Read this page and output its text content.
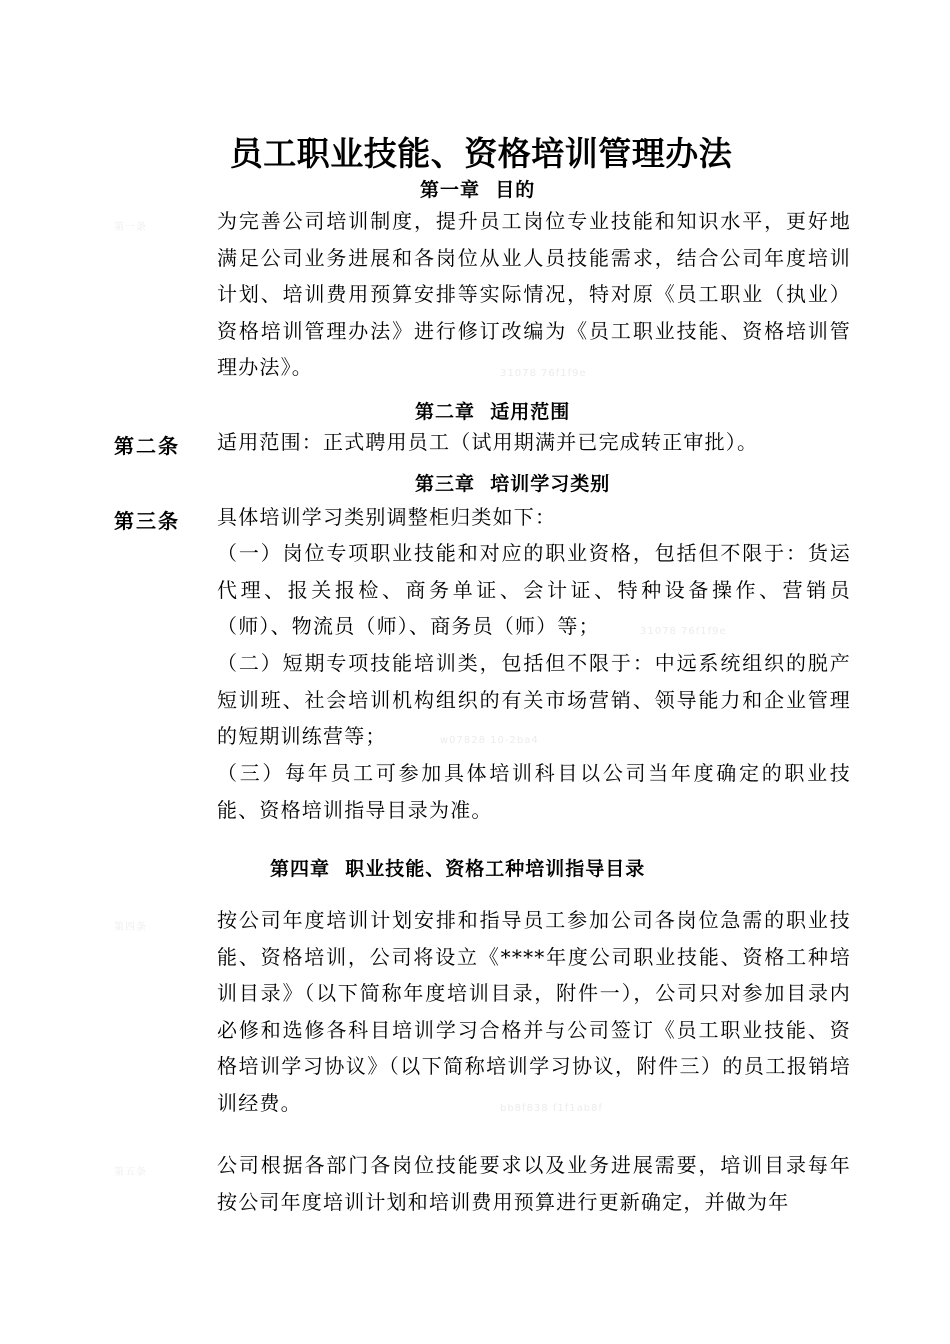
员工职业技能、资格培训管理办法
第一章  目的
第一条	为完善公司培训制度，提升员工岗位专业技能和知识水平，更好地满足公司业务进展和各岗位从业人员技能需求，结合公司年度培训计划、培训费用预算安排等实际情况，特对原《员工职业（执业）资格培训管理办法》进行修订改编为《员工职业技能、资格培训管理办法》。	31078 76f1f9e
第二章  适用范围
第二条 适用范围：正式聘用员工（试用期满并已完成转正审批）。

第三章  培训学习类别
第三条 具体培训学习类别调整柜归类如下：

（一）岗位专项职业技能和对应的职业资格，包括但不限于：货运代理、报关报检、商务单证、会计证、特种设备操作、营销员（师）、物流员（师）、商务员（师）等；	31078 76f1f9e

（二）短期专项技能培训类，包括但不限于：中远系统组织的脱产短训班、社会培训机构组织的有关市场营销、领导能力和企业管理的短期训练营等；	w07828 10-2ba4

（三）每年员工可参加具体培训科目以公司当年度确定的职业技能、资格培训指导目录为准。

第四章  职业技能、资格工种培训指导目录
第四条	按公司年度培训计划安排和指导员工参加公司各岗位急需的职业技能、资格培训，公司将设立《****年度公司职业技能、资格工种培训目录》（以下简称年度培训目录，附件一），公司只对参加目录内必修和选修各科目培训学习合格并与公司签订《员工职业技能、资格培训学习协议》（以下简称培训学习协议，附件三）的员工报销培训经费。	bb8f838 f1f1ab8f
第五条	公司根据各部门各岗位技能要求以及业务进展需要，培训目录每年按公司年度培训计划和培训费用预算进行更新确定，并做为年
